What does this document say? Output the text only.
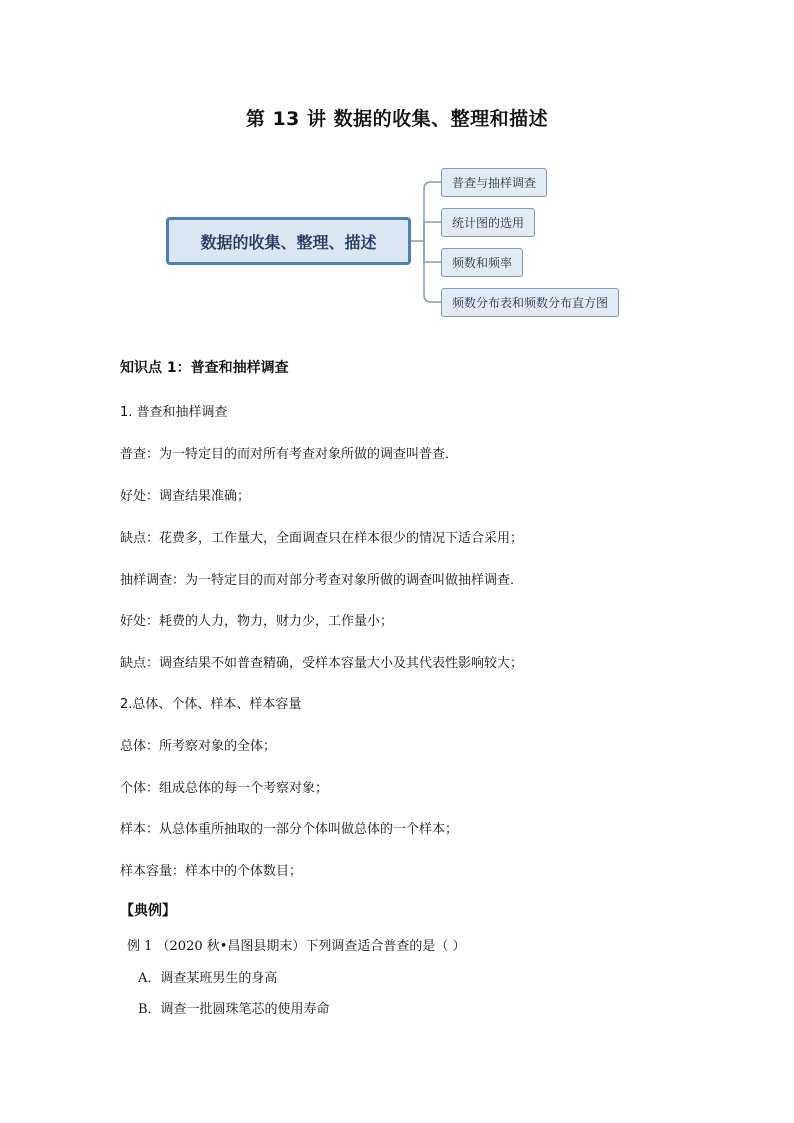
第 13 讲 数据的收集、整理和描述
数据的收集、整理、描述
普查与抽样调查
统计图的选用
频数和频率
频数分布表和频数分布直方图
知识点 1：普查和抽样调查
1. 普查和抽样调查
普查：为一特定目的而对所有考查对象所做的调查叫普查．
好处：调查结果准确；
缺点：花费多，工作量大，全面调查只在样本很少的情况下适合采用；
抽样调查：为一特定目的而对部分考查对象所做的调查叫做抽样调查．
好处：耗费的人力，物力，财力少，工作量小；
缺点：调查结果不如普查精确，受样本容量大小及其代表性影响较大；
2.总体、个体、样本、样本容量
总体：所考察对象的全体；
个体：组成总体的每一个考察对象；
样本：从总体重所抽取的一部分个体叫做总体的一个样本；
样本容量：样本中的个体数目；
【典例】
例 1 （2020 秋•昌图县期末）下列调查适合普查的是（ ）
A．调查某班男生的身高
B．调查一批圆珠笔芯的使用寿命
